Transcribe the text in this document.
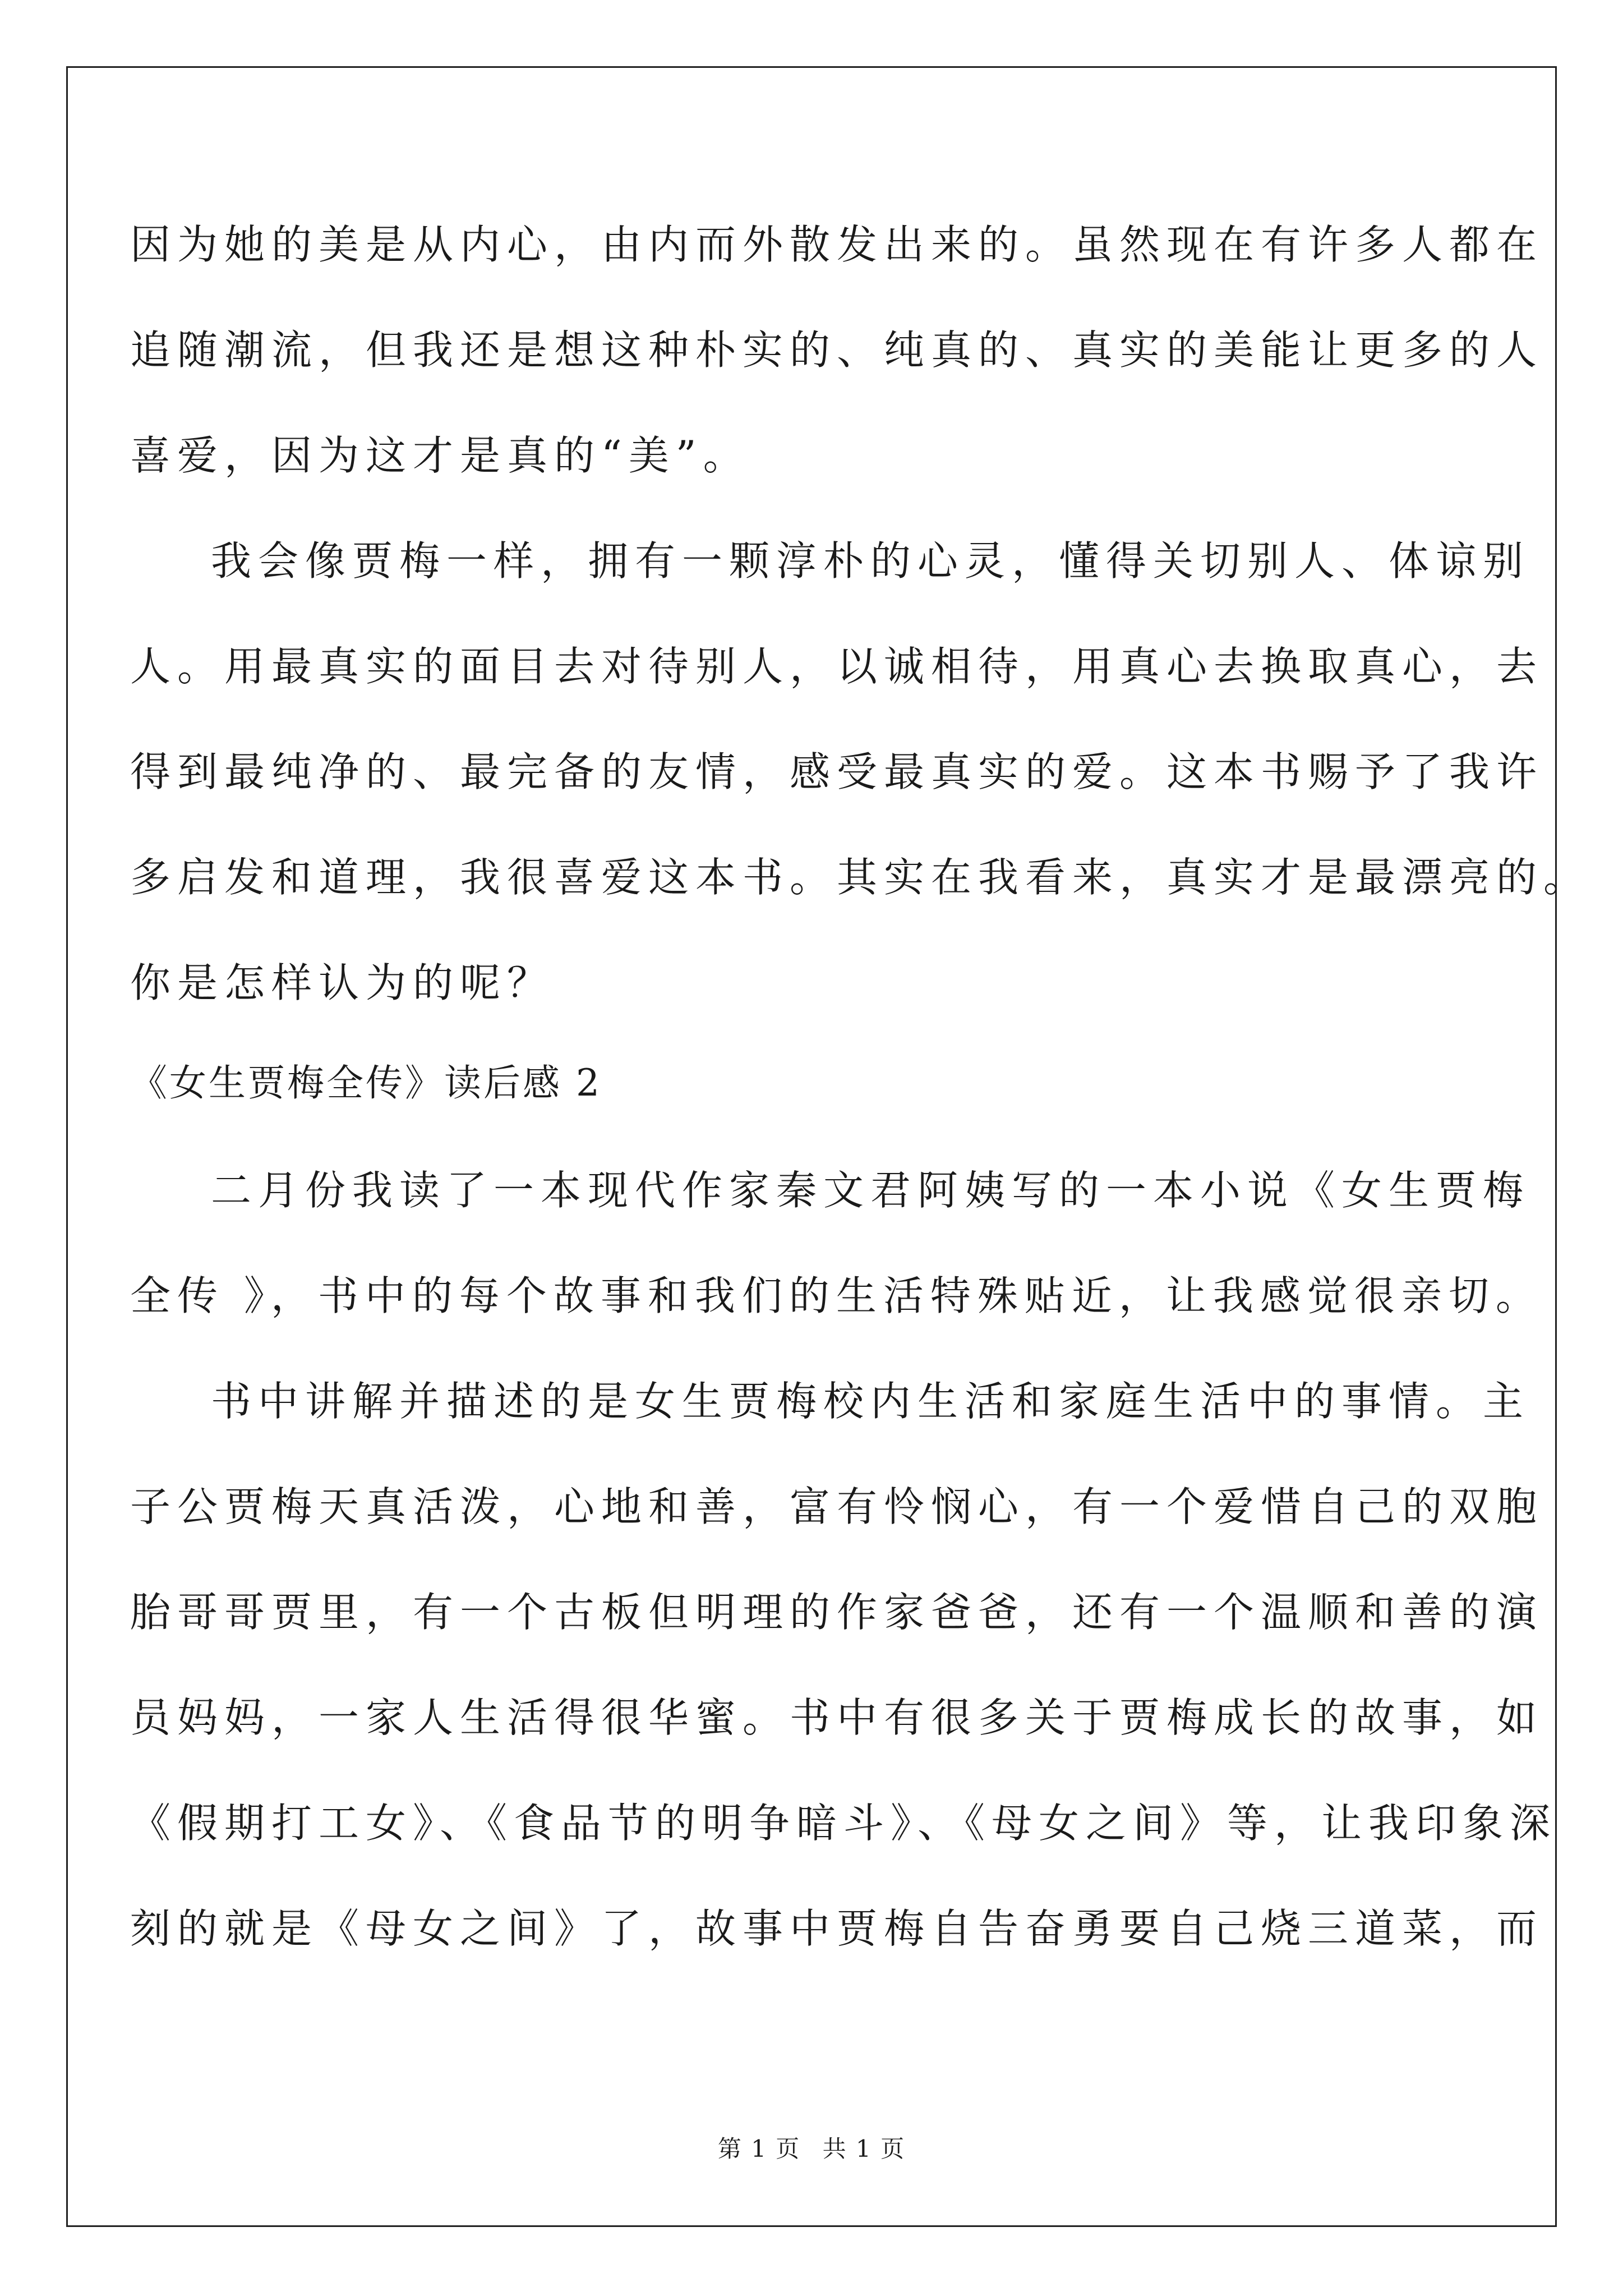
因为她的美是从内心，由内而外散发出来的。虽然现在有许多人都在

追随潮流，但我还是想这种朴实的、纯真的、真实的美能让更多的人

喜爱，因为这才是真的“美”。

我会像贾梅一样，拥有一颗淳朴的心灵，懂得关切别人、体谅别

人。用最真实的面目去对待别人，以诚相待，用真心去换取真心，去

得到最纯净的、最完备的友情，感受最真实的爱。这本书赐予了我许

多启发和道理，我很喜爱这本书。其实在我看来，真实才是最漂亮的。

你是怎样认为的呢？

《女生贾梅全传》读后感 2

二月份我读了一本现代作家秦文君阿姨写的一本小说《女生贾梅

全传 》，书中的每个故事和我们的生活特殊贴近，让我感觉很亲切。

书中讲解并描述的是女生贾梅校内生活和家庭生活中的事情。主

子公贾梅天真活泼，心地和善，富有怜悯心，有一个爱惜自己的双胞

胎哥哥贾里，有一个古板但明理的作家爸爸，还有一个温顺和善的演

员妈妈，一家人生活得很华蜜。书中有很多关于贾梅成长的故事，如

《假期打工女》、《食品节的明争暗斗》、《母女之间》等，让我印象深

刻的就是《母女之间》了，故事中贾梅自告奋勇要自己烧三道菜，而

第 1 页 共 1 页
